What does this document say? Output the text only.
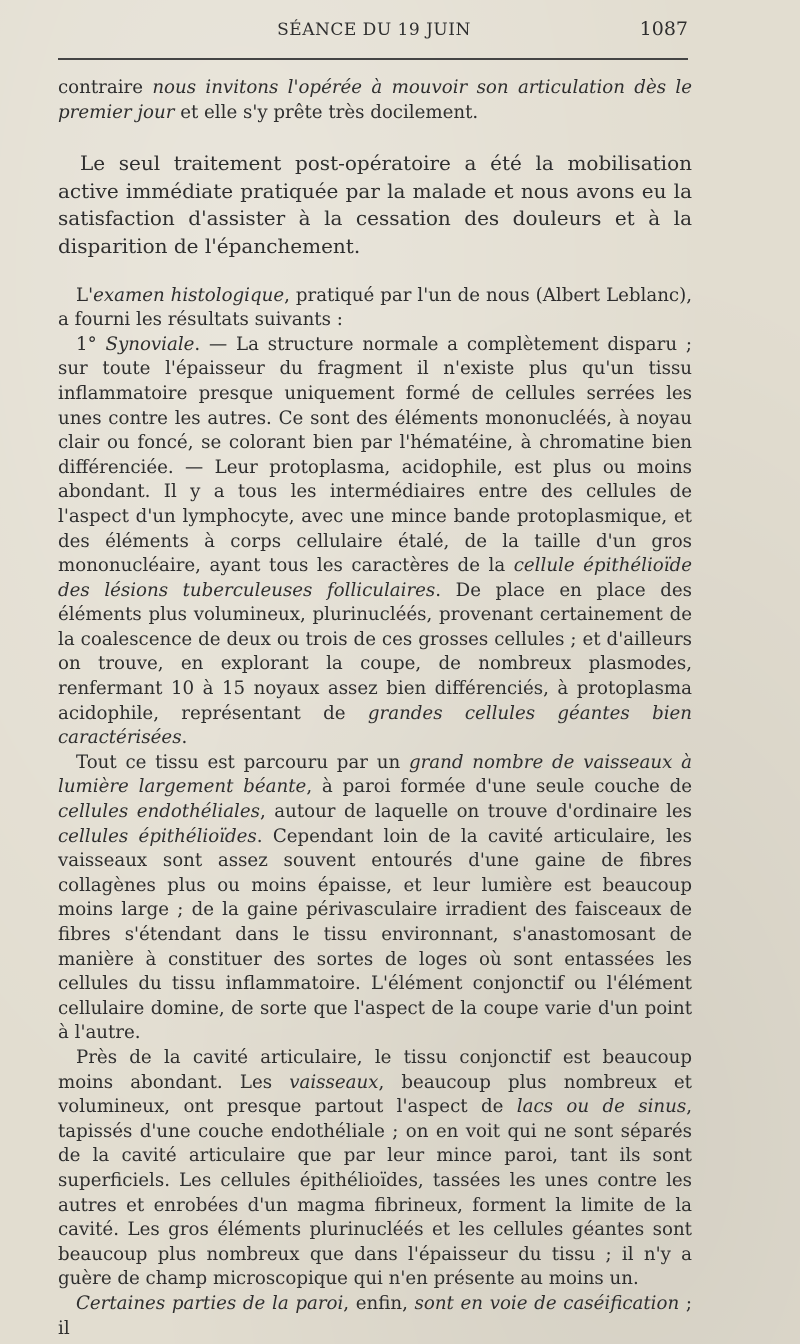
SÉANCE DU 19 JUIN	1087

contraire nous invitons l'opérée à mouvoir son articulation dès le premier jour et elle s'y prête très docilement.

Le seul traitement post-opératoire a été la mobilisation active immédiate pratiquée par la malade et nous avons eu la satisfaction d'assister à la cessation des douleurs et à la disparition de l'épanchement.

L'examen histologique, pratiqué par l'un de nous (Albert Leblanc), a fourni les résultats suivants :

1° Synoviale. — La structure normale a complètement disparu ; sur toute l'épaisseur du fragment il n'existe plus qu'un tissu inflammatoire presque uniquement formé de cellules serrées les unes contre les autres. Ce sont des éléments mononucléés, à noyau clair ou foncé, se colorant bien par l'hématéine, à chromatine bien différenciée. — Leur protoplasma, acidophile, est plus ou moins abondant. Il y a tous les intermédiaires entre des cellules de l'aspect d'un lymphocyte, avec une mince bande protoplasmique, et des éléments à corps cellulaire étalé, de la taille d'un gros mononucléaire, ayant tous les caractères de la cellule épithélioïde des lésions tuberculeuses folliculaires. De place en place des éléments plus volumineux, plurinucléés, provenant certainement de la coalescence de deux ou trois de ces grosses cellules ; et d'ailleurs on trouve, en explorant la coupe, de nombreux plasmodes, renfermant 10 à 15 noyaux assez bien différenciés, à protoplasma acidophile, représentant de grandes cellules géantes bien caractérisées.

Tout ce tissu est parcouru par un grand nombre de vaisseaux à lumière largement béante, à paroi formée d'une seule couche de cellules endothéliales, autour de laquelle on trouve d'ordinaire les cellules épithélioïdes. Cependant loin de la cavité articulaire, les vaisseaux sont assez souvent entourés d'une gaine de fibres collagènes plus ou moins épaisse, et leur lumière est beaucoup moins large ; de la gaine périvasculaire irradient des faisceaux de fibres s'étendant dans le tissu environnant, s'anastomosant de manière à constituer des sortes de loges où sont entassées les cellules du tissu inflammatoire. L'élément conjonctif ou l'élément cellulaire domine, de sorte que l'aspect de la coupe varie d'un point à l'autre.

Près de la cavité articulaire, le tissu conjonctif est beaucoup moins abondant. Les vaisseaux, beaucoup plus nombreux et volumineux, ont presque partout l'aspect de lacs ou de sinus, tapissés d'une couche endothéliale ; on en voit qui ne sont séparés de la cavité articulaire que par leur mince paroi, tant ils sont superficiels. Les cellules épithélioïdes, tassées les unes contre les autres et enrobées d'un magma fibrineux, forment la limite de la cavité. Les gros éléments plurinucléés et les cellules géantes sont beaucoup plus nombreux que dans l'épaisseur du tissu ; il n'y a guère de champ microscopique qui n'en présente au moins un.

Certaines parties de la paroi, enfin, sont en voie de caséification ; il
